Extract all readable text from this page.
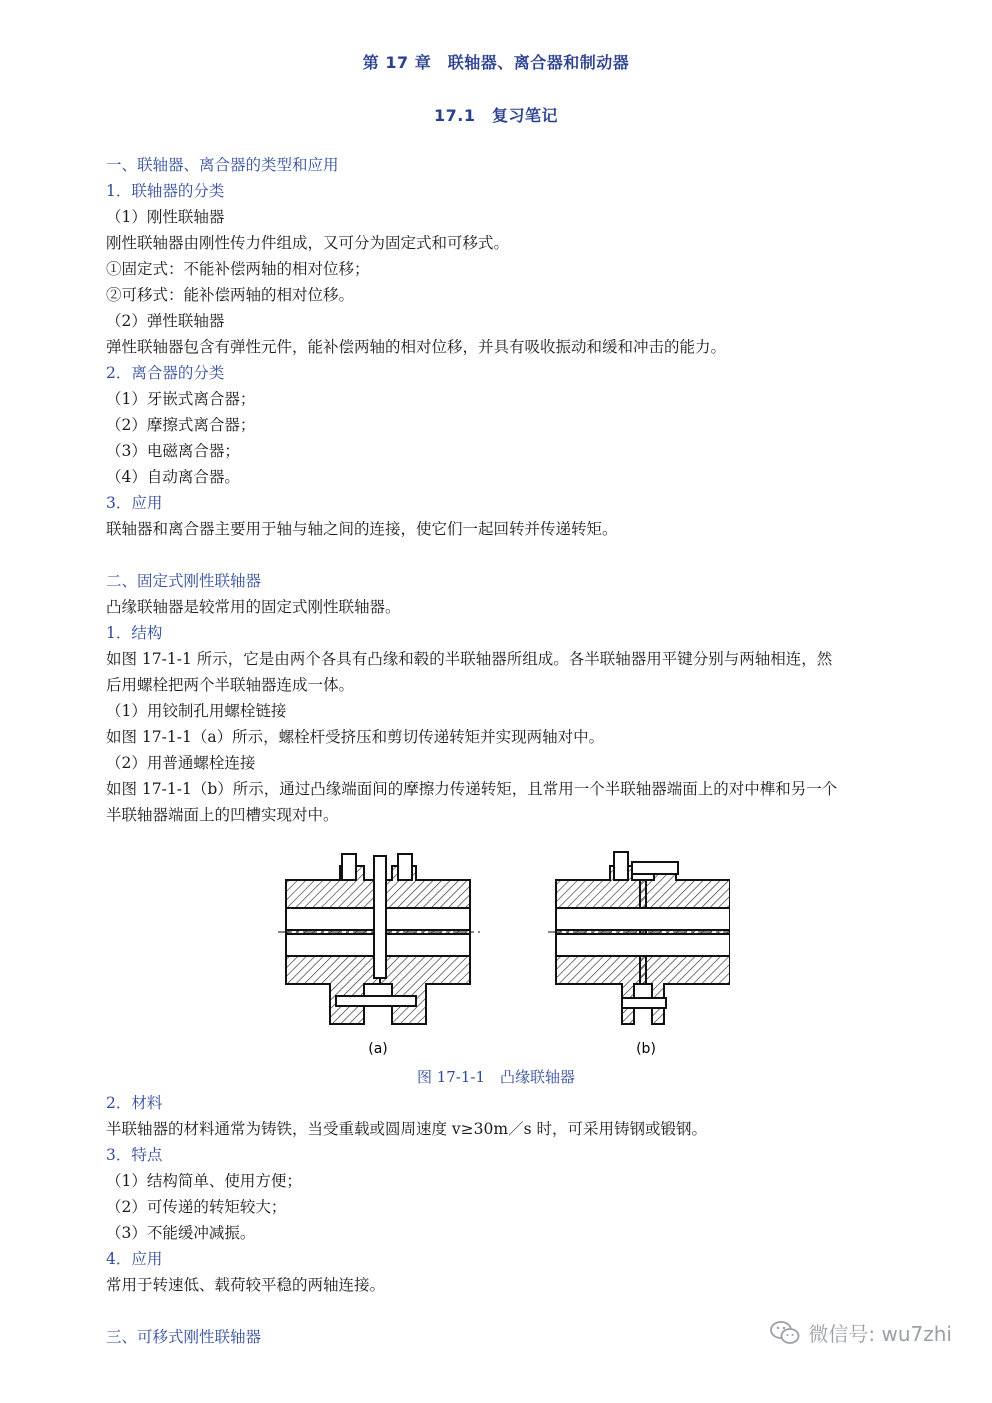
第 17 章　联轴器、离合器和制动器
17.1　复习笔记
一、联轴器、离合器的类型和应用
1．联轴器的分类
（1）刚性联轴器
刚性联轴器由刚性传力件组成，又可分为固定式和可移式。
①固定式：不能补偿两轴的相对位移；
②可移式：能补偿两轴的相对位移。
（2）弹性联轴器
弹性联轴器包含有弹性元件，能补偿两轴的相对位移，并具有吸收振动和缓和冲击的能力。
2．离合器的分类
（1）牙嵌式离合器；
（2）摩擦式离合器；
（3）电磁离合器；
（4）自动离合器。
3．应用
联轴器和离合器主要用于轴与轴之间的连接，使它们一起回转并传递转矩。
二、固定式刚性联轴器
凸缘联轴器是较常用的固定式刚性联轴器。
1．结构
如图 17-1-1 所示，它是由两个各具有凸缘和毂的半联轴器所组成。各半联轴器用平键分别与两轴相连，然
后用螺栓把两个半联轴器连成一体。
（1）用铰制孔用螺栓链接
如图 17-1-1（a）所示，螺栓杆受挤压和剪切传递转矩并实现两轴对中。
（2）用普通螺栓连接
如图 17-1-1（b）所示，通过凸缘端面间的摩擦力传递转矩，且常用一个半联轴器端面上的对中榫和另一个
半联轴器端面上的凹槽实现对中。
2．材料
半联轴器的材料通常为铸铁，当受重载或圆周速度 v≥30m／s 时，可采用铸钢或锻钢。
3．特点
（1）结构简单、使用方便；
（2）可传递的转矩较大；
（3）不能缓冲减振。
4．应用
常用于转速低、载荷较平稳的两轴连接。
三、可移式刚性联轴器
(a)	(b)
图 17-1-1　凸缘联轴器
微信号: wu7zhi
